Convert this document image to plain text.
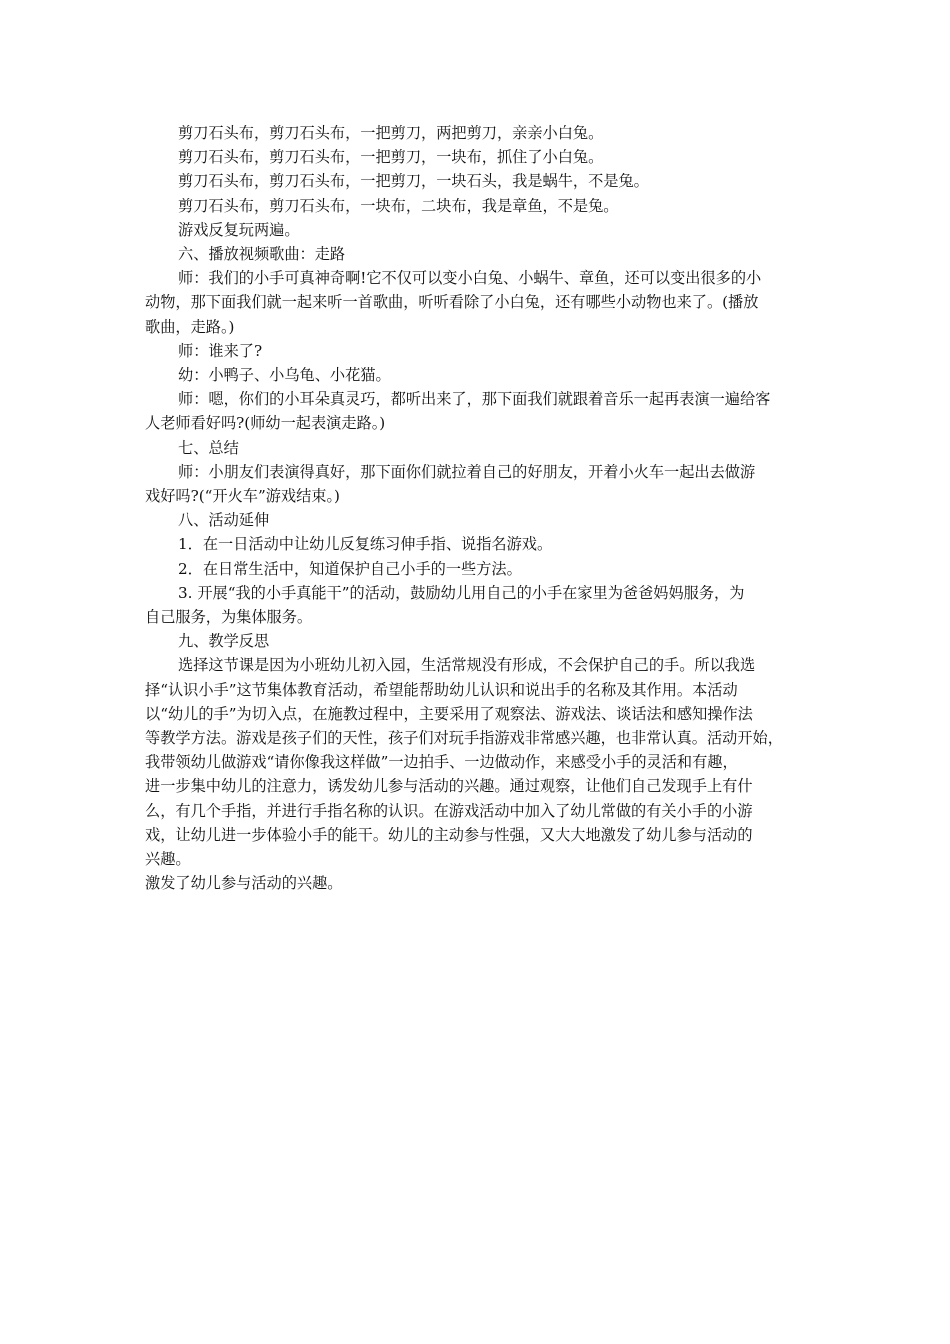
剪刀石头布，剪刀石头布，一把剪刀，两把剪刀，亲亲小白兔。

剪刀石头布，剪刀石头布，一把剪刀，一块布，抓住了小白兔。

剪刀石头布，剪刀石头布，一把剪刀，一块石头，我是蜗牛，不是兔。

剪刀石头布，剪刀石头布，一块布，二块布，我是章鱼，不是兔。

游戏反复玩两遍。

六、播放视频歌曲：走路

师：我们的小手可真神奇啊!它不仅可以变小白兔、小蜗牛、章鱼，还可以变出很多的小

动物，那下面我们就一起来听一首歌曲，听听看除了小白兔，还有哪些小动物也来了。(播放

歌曲，走路。)

师：谁来了?

幼：小鸭子、小乌龟、小花猫。

师：嗯，你们的小耳朵真灵巧，都听出来了，那下面我们就跟着音乐一起再表演一遍给客

人老师看好吗?(师幼一起表演走路。)

七、总结

师：小朋友们表演得真好，那下面你们就拉着自己的好朋友，开着小火车一起出去做游

戏好吗?(“开火车”游戏结束。)

八、活动延伸

1．在一日活动中让幼儿反复练习伸手指、说指名游戏。

2．在日常生活中，知道保护自己小手的一些方法。

3. 开展“我的小手真能干”的活动，鼓励幼儿用自己的小手在家里为爸爸妈妈服务，为

自己服务，为集体服务。

九、教学反思

选择这节课是因为小班幼儿初入园，生活常规没有形成，不会保护自己的手。所以我选

择“认识小手”这节集体教育活动，希望能帮助幼儿认识和说出手的名称及其作用。本活动

以“幼儿的手”为切入点，在施教过程中，主要采用了观察法、游戏法、谈话法和感知操作法

等教学方法。游戏是孩子们的天性，孩子们对玩手指游戏非常感兴趣，也非常认真。活动开始，

我带领幼儿做游戏“请你像我这样做”一边拍手、一边做动作，来感受小手的灵活和有趣，

进一步集中幼儿的注意力，诱发幼儿参与活动的兴趣。通过观察，让他们自己发现手上有什

么，有几个手指，并进行手指名称的认识。在游戏活动中加入了幼儿常做的有关小手的小游

戏，让幼儿进一步体验小手的能干。幼儿的主动参与性强，又大大地激发了幼儿参与活动的

兴趣。

激发了幼儿参与活动的兴趣。
